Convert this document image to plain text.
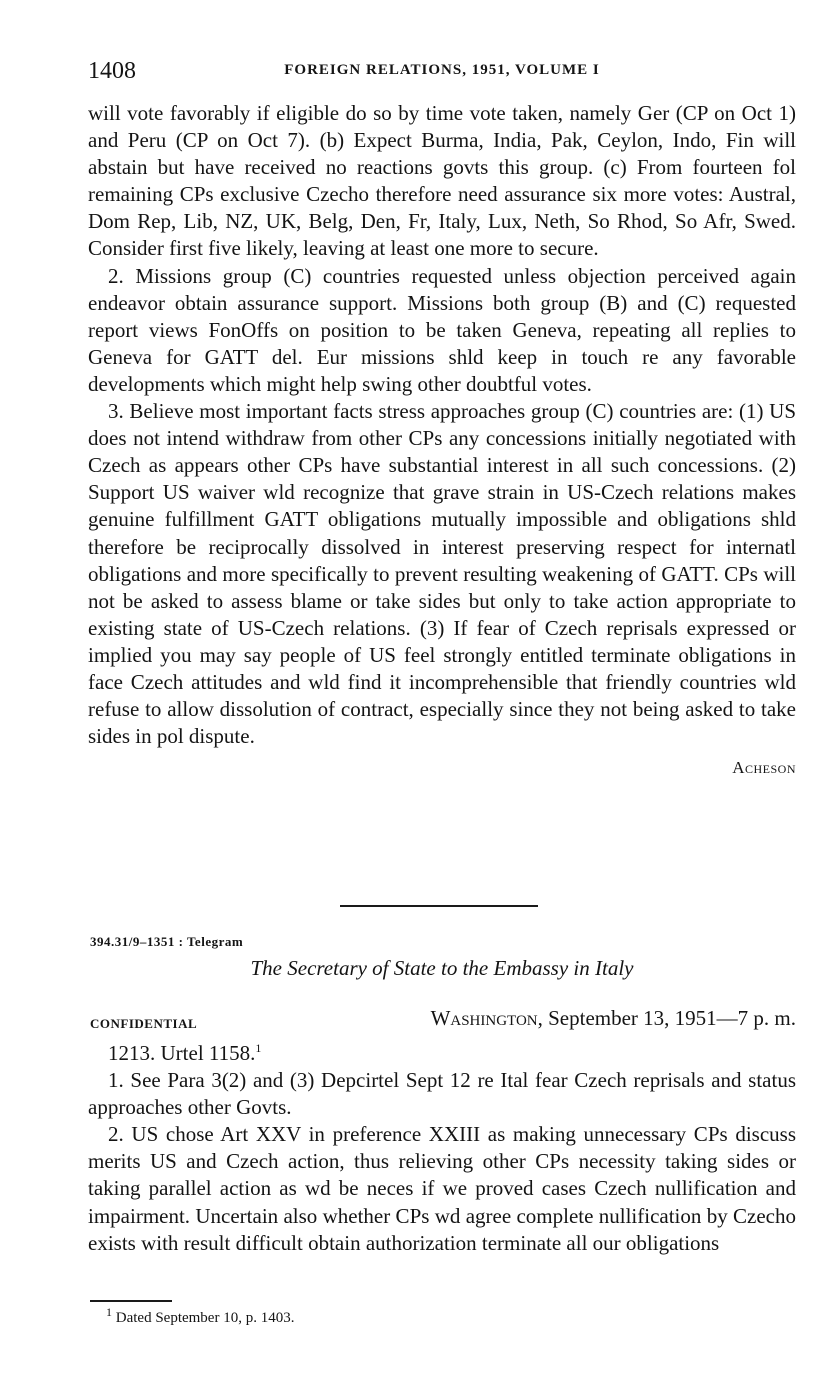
1408	FOREIGN RELATIONS, 1951, VOLUME I

will vote favorably if eligible do so by time vote taken, namely Ger (CP on Oct 1) and Peru (CP on Oct 7). (b) Expect Burma, India, Pak, Ceylon, Indo, Fin will abstain but have received no reactions govts this group. (c) From fourteen fol remaining CPs exclusive Czecho therefore need assurance six more votes: Austral, Dom Rep, Lib, NZ, UK, Belg, Den, Fr, Italy, Lux, Neth, So Rhod, So Afr, Swed. Consider first five likely, leaving at least one more to secure.

2. Missions group (C) countries requested unless objection perceived again endeavor obtain assurance support. Missions both group (B) and (C) requested report views FonOffs on position to be taken Geneva, repeating all replies to Geneva for GATT del. Eur missions shld keep in touch re any favorable developments which might help swing other doubtful votes.

3. Believe most important facts stress approaches group (C) countries are: (1) US does not intend withdraw from other CPs any concessions initially negotiated with Czech as appears other CPs have substantial interest in all such concessions. (2) Support US waiver wld recognize that grave strain in US-Czech relations makes genuine fulfillment GATT obligations mutually impossible and obligations shld therefore be reciprocally dissolved in interest preserving respect for internatl obligations and more specifically to prevent resulting weakening of GATT. CPs will not be asked to assess blame or take sides but only to take action appropriate to existing state of US-Czech relations. (3) If fear of Czech reprisals expressed or implied you may say people of US feel strongly entitled terminate obligations in face Czech attitudes and wld find it incomprehensible that friendly countries wld refuse to allow dissolution of contract, especially since they not being asked to take sides in pol dispute.

Acheson
394.31/9–1351 : Telegram
The Secretary of State to the Embassy in Italy
CONFIDENTIAL	Washington, September 13, 1951—7 p. m.

1213. Urtel 1158.$^1$

1. See Para 3(2) and (3) Depcirtel Sept 12 re Ital fear Czech reprisals and status approaches other Govts.

2. US chose Art XXV in preference XXIII as making unnecessary CPs discuss merits US and Czech action, thus relieving other CPs necessity taking sides or taking parallel action as wd be neces if we proved cases Czech nullification and impairment. Uncertain also whether CPs wd agree complete nullification by Czecho exists with result difficult obtain authorization terminate all our obligations

$^1$ Dated September 10, p. 1403.
